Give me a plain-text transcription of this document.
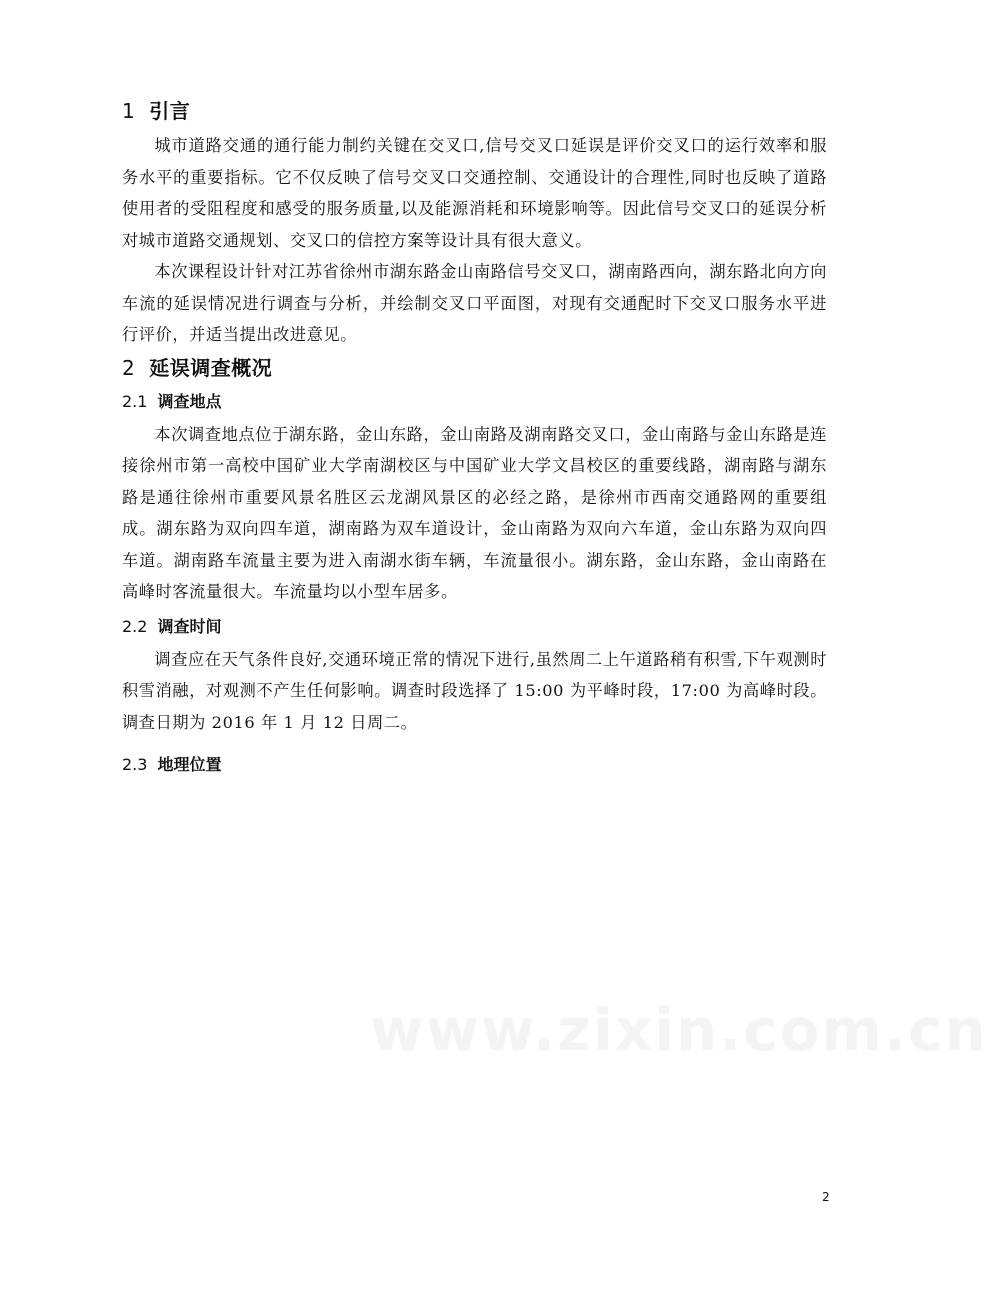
1 引言

城市道路交通的通行能力制约关键在交叉口,信号交叉口延误是评价交叉口的运行效率和服务水平的重要指标。它不仅反映了信号交叉口交通控制、交通设计的合理性,同时也反映了道路使用者的受阻程度和感受的服务质量,以及能源消耗和环境影响等。因此信号交叉口的延误分析对城市道路交通规划、交叉口的信控方案等设计具有很大意义。

本次课程设计针对江苏省徐州市湖东路金山南路信号交叉口，湖南路西向，湖东路北向方向车流的延误情况进行调查与分析，并绘制交叉口平面图，对现有交通配时下交叉口服务水平进行评价，并适当提出改进意见。

2 延误调查概况
2.1 调查地点

本次调查地点位于湖东路，金山东路，金山南路及湖南路交叉口，金山南路与金山东路是连接徐州市第一高校中国矿业大学南湖校区与中国矿业大学文昌校区的重要线路，湖南路与湖东路是通往徐州市重要风景名胜区云龙湖风景区的必经之路，是徐州市西南交通路网的重要组成。湖东路为双向四车道，湖南路为双车道设计，金山南路为双向六车道，金山东路为双向四车道。湖南路车流量主要为进入南湖水街车辆，车流量很小。湖东路，金山东路，金山南路在高峰时客流量很大。车流量均以小型车居多。

2.2 调查时间

调查应在天气条件良好,交通环境正常的情况下进行,虽然周二上午道路稍有积雪,下午观测时积雪消融，对观测不产生任何影响。调查时段选择了 15:00 为平峰时段，17:00 为高峰时段。调查日期为 2016 年 1 月 12 日周二。

2.3 地理位置
www.zixin.com.cn
2
